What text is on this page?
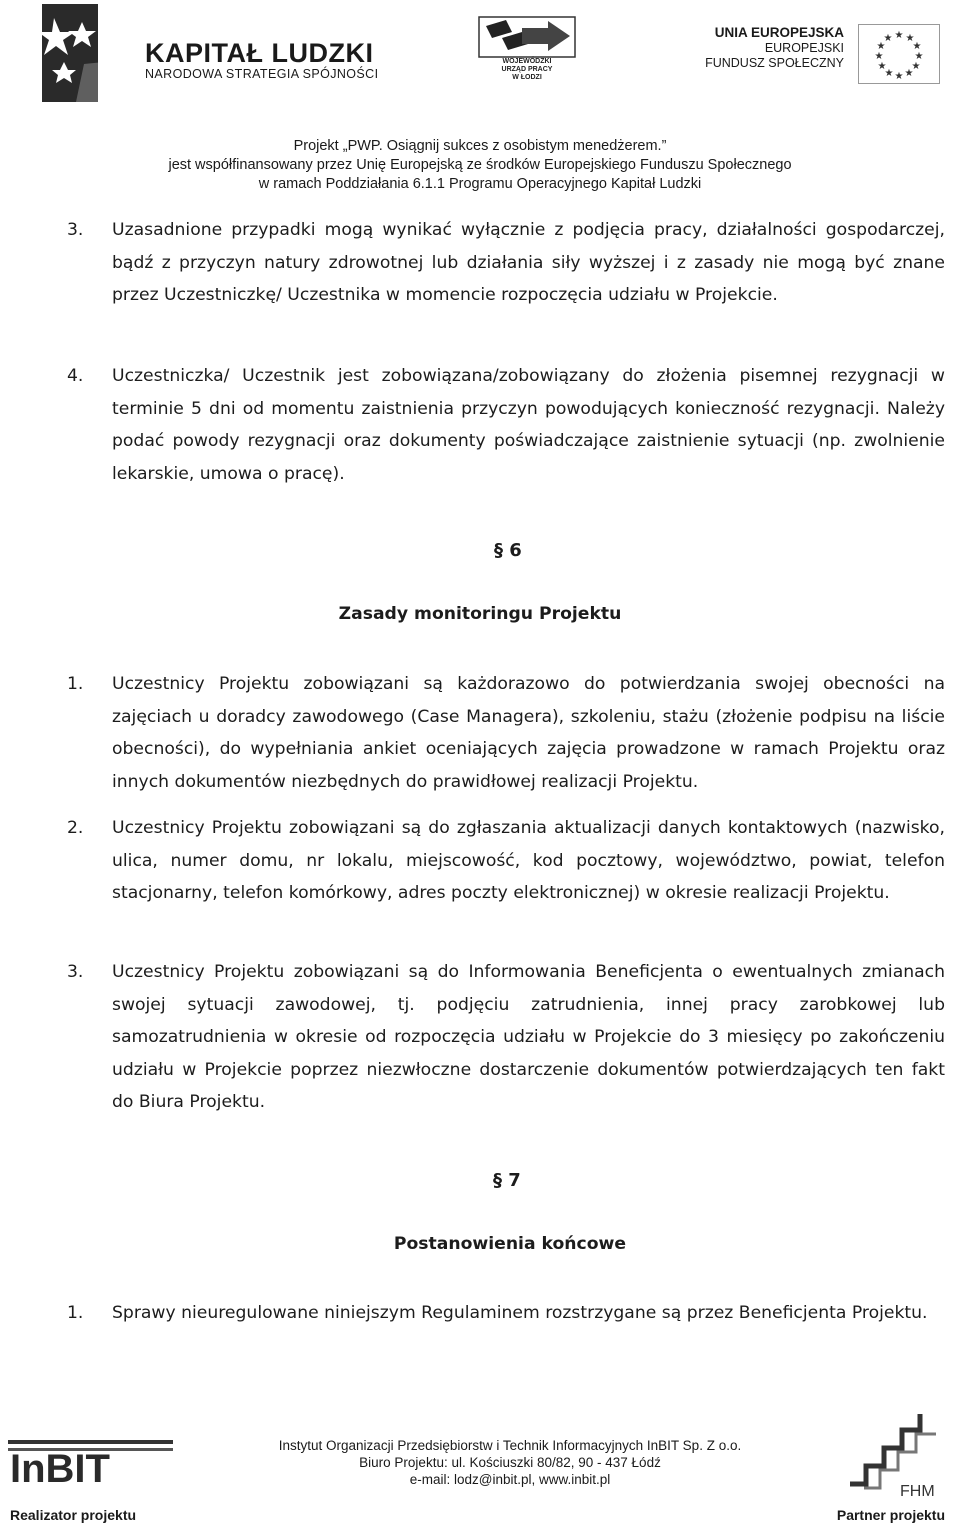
KAPITAŁ LUDZKI
NARODOWA STRATEGIA SPÓJNOŚCI
WOJEWÓDZKI
URZĄD PRACY
W ŁODZI
UNIA EUROPEJSKA
EUROPEJSKI
FUNDUSZ SPOŁECZNY
★ ★
★
★
★
★
★
★
★
★
★
★
Projekt „PWP. Osiągnij sukces z osobistym menedżerem.”
jest współfinansowany przez Unię Europejską ze środków Europejskiego Funduszu Społecznego
w ramach Poddziałania 6.1.1 Programu Operacyjnego Kapitał Ludzki
3. Uzasadnione przypadki mogą wynikać wyłącznie z podjęcia pracy, działalności gospodarczej, bądź z przyczyn natury zdrowotnej lub działania siły wyższej i z zasady nie mogą być znane przez Uczestniczkę/ Uczestnika w momencie rozpoczęcia udziału w Projekcie.
4. Uczestniczka/ Uczestnik jest zobowiązana/zobowiązany do złożenia pisemnej rezygnacji w terminie 5 dni od momentu zaistnienia przyczyn powodujących konieczność rezygnacji. Należy podać powody rezygnacji oraz dokumenty poświadczające zaistnienie sytuacji (np. zwolnienie lekarskie, umowa o pracę).
§ 6
Zasady monitoringu Projektu
1. Uczestnicy Projektu zobowiązani są każdorazowo do potwierdzania swojej obecności na zajęciach u doradcy zawodowego (Case Managera), szkoleniu, stażu (złożenie podpisu na liście obecności), do wypełniania ankiet oceniających zajęcia prowadzone w ramach Projektu oraz innych dokumentów niezbędnych do prawidłowej realizacji Projektu.
2. Uczestnicy Projektu zobowiązani są do zgłaszania aktualizacji danych kontaktowych (nazwisko, ulica, numer domu, nr lokalu, miejscowość, kod pocztowy, województwo, powiat, telefon stacjonarny, telefon komórkowy, adres poczty elektronicznej) w okresie realizacji Projektu.
3. Uczestnicy Projektu zobowiązani są do Informowania Beneficjenta o ewentualnych zmianach swojej sytuacji zawodowej, tj. podjęciu zatrudnienia, innej pracy zarobkowej lub samozatrudnienia w okresie od rozpoczęcia udziału w Projekcie do 3 miesięcy po zakończeniu udziału w Projekcie poprzez niezwłoczne dostarczenie dokumentów potwierdzających ten fakt do Biura Projektu.
§ 7
Postanowienia końcowe
1. Sprawy nieuregulowane niniejszym Regulaminem rozstrzygane są przez Beneficjenta Projektu.
InBIT
Instytut Organizacji Przedsiębiorstw i Technik Informacyjnych InBIT Sp. Z o.o.
Biuro Projektu: ul. Kościuszki 80/82, 90 - 437 Łódź
e-mail: lodz@inbit.pl, www.inbit.pl
FHM
Realizator projektu	Partner projektu
